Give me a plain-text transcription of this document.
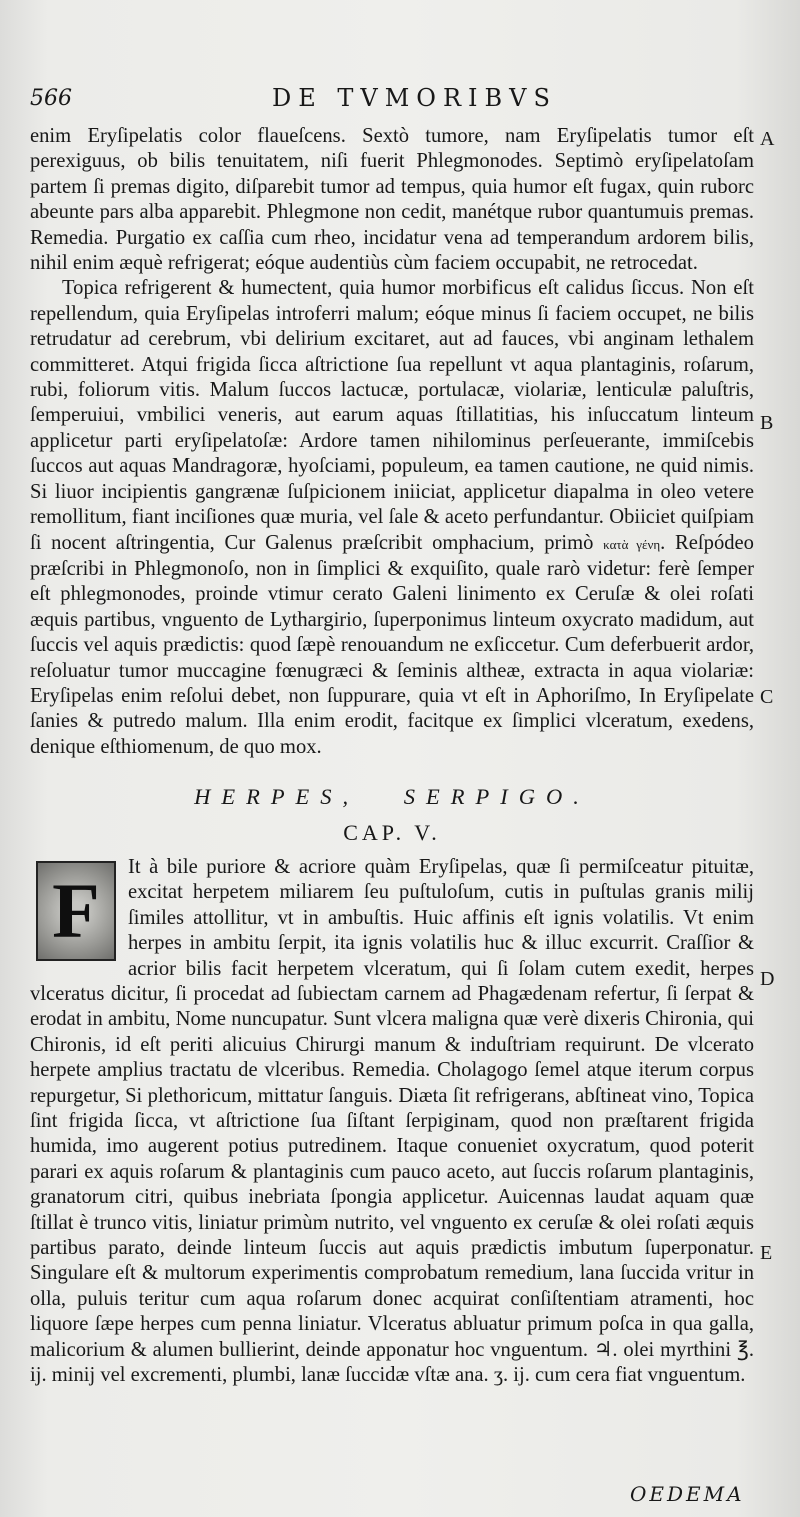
566	DE TVMORIBVS

enim Eryſipelatis color flaueſcens. Sextò tumore, nam Eryſipelatis tumor eſt perexiguus, ob bilis tenuitatem, niſi fuerit Phlegmonodes. Septimò eryſipelatoſam partem ſi premas digito, diſparebit tumor ad tempus, quia humor eſt fugax, quin ruborc abeunte pars alba apparebit. Phlegmone non cedit, manétque rubor quantumuis premas. Remedia. Purgatio ex caſſia cum rheo, incidatur vena ad temperandum ardorem bilis, nihil enim æquè refrigerat; eóque audentiùs cùm faciem occupabit, ne retrocedat.

Topica refrigerent & humectent, quia humor morbificus eſt calidus ſiccus. Non eſt repellendum, quia Eryſipelas introferri malum; eóque minus ſi faciem occupet, ne bilis retrudatur ad cerebrum, vbi delirium excitaret, aut ad fauces, vbi anginam lethalem committeret. Atqui frigida ſicca aſtrictione ſua repellunt vt aqua plantaginis, roſarum, rubi, foliorum vitis. Malum ſuccos lactucæ, portulacæ, violariæ, lenticulæ paluſtris, ſemperuiui, vmbilici veneris, aut earum aquas ſtillatitias, his inſuccatum linteum applicetur parti eryſipelatoſæ: Ardore tamen nihilominus perſeuerante, immiſcebis ſuccos aut aquas Mandragoræ, hyoſciami, populeum, ea tamen cautione, ne quid nimis. Si liuor incipientis gangrænæ ſuſpicionem iniiciat, applicetur diapalma in oleo vetere remollitum, fiant inciſiones quæ muria, vel ſale & aceto perfundantur. Obiiciet quiſpiam ſi nocent aſtringentia, Cur Galenus præſcribit omphacium, primò κατὰ γένη. Reſpódeo præſcribi in Phlegmonoſo, non in ſimplici & exquiſito, quale rarò videtur: ferè ſemper eſt phlegmonodes, proinde vtimur cerato Galeni linimento ex Ceruſæ & olei roſati æquis partibus, vnguento de Lythargirio, ſuperponimus linteum oxycrato madidum, aut ſuccis vel aquis prædictis: quod ſæpè renouandum ne exſiccetur. Cum deferbuerit ardor, reſoluatur tumor muccagine fœnugræci & ſeminis altheæ, extracta in aqua violariæ: Eryſipelas enim reſolui debet, non ſuppurare, quia vt eſt in Aphoriſmo, In Eryſipelate ſanies & putredo malum. Illa enim erodit, facitque ex ſimplici vlceratum, exedens, denique eſthiomenum, de quo mox.

HERPES, SERPIGO.
CAP. V.

F
It à bile puriore & acriore quàm Eryſipelas, quæ ſi permiſceatur pituitæ, excitat herpetem miliarem ſeu puſtuloſum, cutis in puſtulas granis milij ſimiles attollitur, vt in ambuſtis. Huic affinis eſt ignis volatilis. Vt enim herpes in ambitu ſerpit, ita ignis volatilis huc & illuc excurrit. Craſſior & acrior bilis facit herpetem vlceratum, qui ſi ſolam cutem exedit, herpes vlceratus dicitur, ſi procedat ad ſubiectam carnem ad Phagædenam refertur, ſi ſerpat & erodat in ambitu, Nome nuncupatur. Sunt vlcera maligna quæ verè dixeris Chironia, qui Chironis, id eſt periti alicuius Chirurgi manum & induſtriam requirunt. De vlcerato herpete amplius tractatu de vlceribus. Remedia. Cholagogo ſemel atque iterum corpus repurgetur, Si plethoricum, mittatur ſanguis. Diæta ſit refrigerans, abſtineat vino, Topica ſint frigida ſicca, vt aſtrictione ſua ſiſtant ſerpiginam, quod non præſtarent frigida humida, imo augerent potius putredinem. Itaque conueniet oxycratum, quod poterit parari ex aquis roſarum & plantaginis cum pauco aceto, aut ſuccis roſarum plantaginis, granatorum citri, quibus inebriata ſpongia applicetur. Auicennas laudat aquam quæ ſtillat è trunco vitis, liniatur primùm nutrito, vel vnguento ex ceruſæ & olei roſati æquis partibus parato, deinde linteum ſuccis aut aquis prædictis imbutum ſuperponatur. Singulare eſt & multorum experimentis comprobatum remedium, lana ſuccida vritur in olla, puluis teritur cum aqua roſarum donec acquirat conſiſtentiam atramenti, hoc liquore ſæpe herpes cum penna liniatur. Vlceratus abluatur primum poſca in qua galla, malicorium & alumen bullierint, deinde apponatur hoc vnguentum. ♃. olei myrthini ℥. ij. minij vel excrementi, plumbi, lanæ ſuccidæ vſtæ ana. ʒ. ij. cum cera fiat vnguentum.

A
B
C
D
E
OEDEMA
